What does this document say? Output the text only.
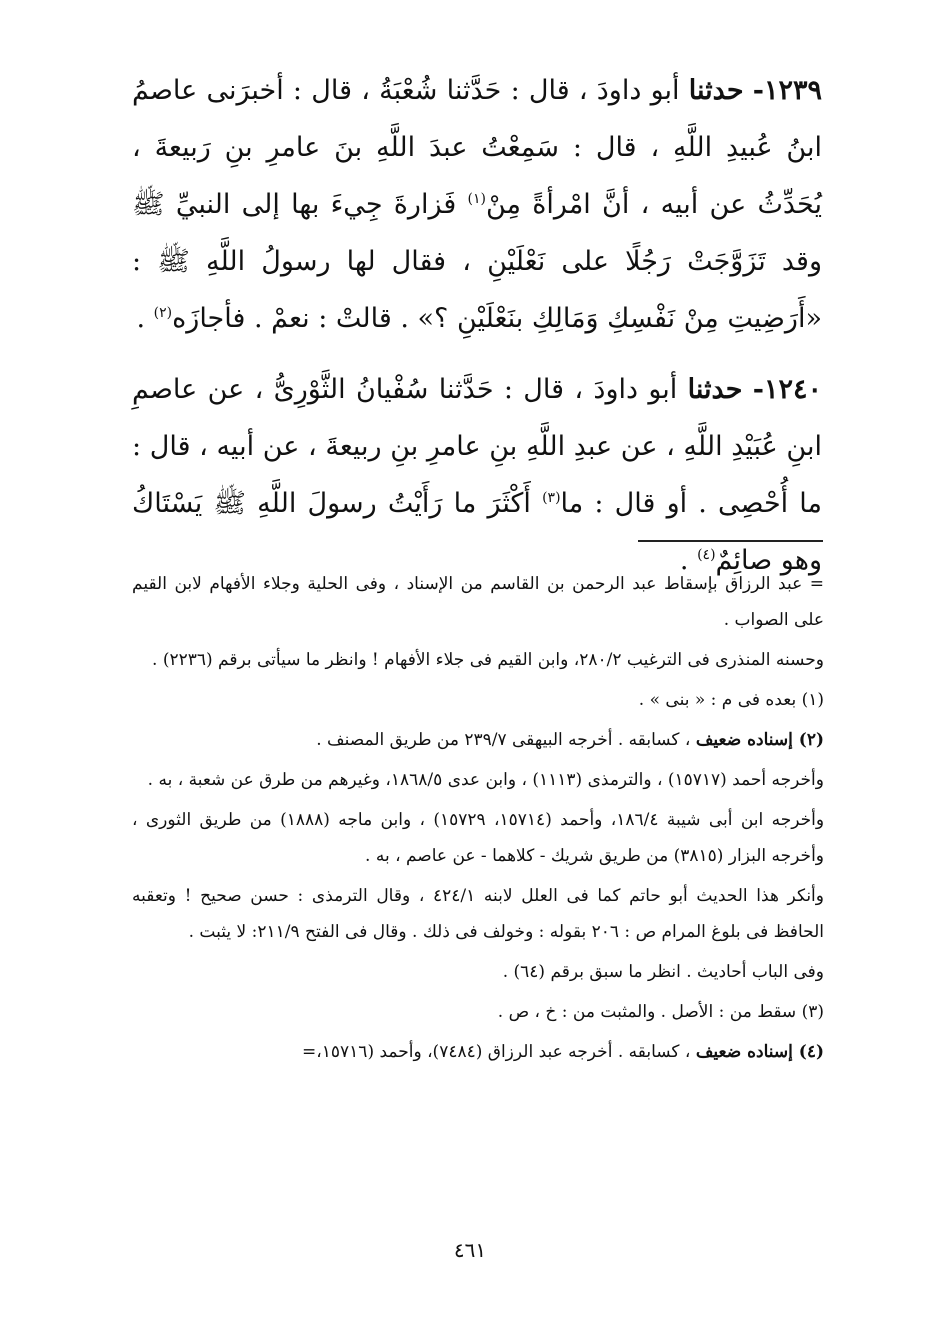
١٢٣٩- حدثنا أبو داودَ ، قال : حَدَّثنا شُعْبَةُ ، قال : أخبرَنى عاصمُ ابنُ عُبيدِ اللَّهِ ، قال : سَمِعْتُ عبدَ اللَّهِ بنَ عامرِ بنِ رَبيعةَ ، يُحَدِّثُ عن أبيه ، أنَّ امْرأةً مِنْ$^{(١)}$ فَزارةَ جِيءَ بها إلى النبيِّ ﷺ وقد تَزَوَّجَتْ رَجُلًا على نَعْلَيْنِ ، فقال لها رسولُ اللَّهِ ﷺ : «أَرَضِيتِ مِنْ نَفْسِكِ وَمَالِكِ بنَعْلَيْنِ ؟» . قالتْ : نعمْ . فأجازَه$^{(٢)}$ .

١٢٤٠- حدثنا أبو داودَ ، قال : حَدَّثنا سُفْيانُ الثَّوْرِىُّ ، عن عاصمِ ابنِ عُبَيْدِ اللَّهِ ، عن عبدِ اللَّهِ بنِ عامرِ بنِ ربيعةَ ، عن أبيه ، قال : ما أُحْصِى . أو قال : ما$^{(٣)}$ أَكْثَرَ ما رَأَيْتُ رسولَ اللَّهِ ﷺ يَسْتَاكُ وهو صائِمٌ$^{(٤)}$ .

= عبد الرزاق بإسقاط عبد الرحمن بن القاسم من الإسناد ، وفى الحلية وجلاء الأفهام لابن القيم على الصواب .

وحسنه المنذرى فى الترغيب ٢٨٠/٢، وابن القيم فى جلاء الأفهام ! وانظر ما سيأتى برقم (٢٢٣٦) .

(١) بعده فى م : « بنى » .

(٢) إسناده ضعيف ، كسابقه . أخرجه البيهقى ٢٣٩/٧ من طريق المصنف .

وأخرجه أحمد (١٥٧١٧) ، والترمذى (١١١٣) ، وابن عدى ١٨٦٨/٥، وغيرهم من طرق عن شعبة ، به .

وأخرجه ابن أبى شيبة ١٨٦/٤، وأحمد (١٥٧١٤، ١٥٧٢٩) ، وابن ماجه (١٨٨٨) من طريق الثورى ، وأخرجه البزار (٣٨١٥) من طريق شريك - كلاهما - عن عاصم ، به .

وأنكر هذا الحديث أبو حاتم كما فى العلل لابنه ٤٢٤/١ ، وقال الترمذى : حسن صحيح ! وتعقبه الحافظ فى بلوغ المرام ص : ٢٠٦ بقوله : وخولف فى ذلك . وقال فى الفتح ٢١١/٩: لا يثبت .

وفى الباب أحاديث . انظر ما سبق برقم (٦٤) .

(٣) سقط من : الأصل . والمثبت من : خ ، ص .

(٤) إسناده ضعيف ، كسابقه . أخرجه عبد الرزاق (٧٤٨٤)، وأحمد (١٥٧١٦،=

٤٦١
